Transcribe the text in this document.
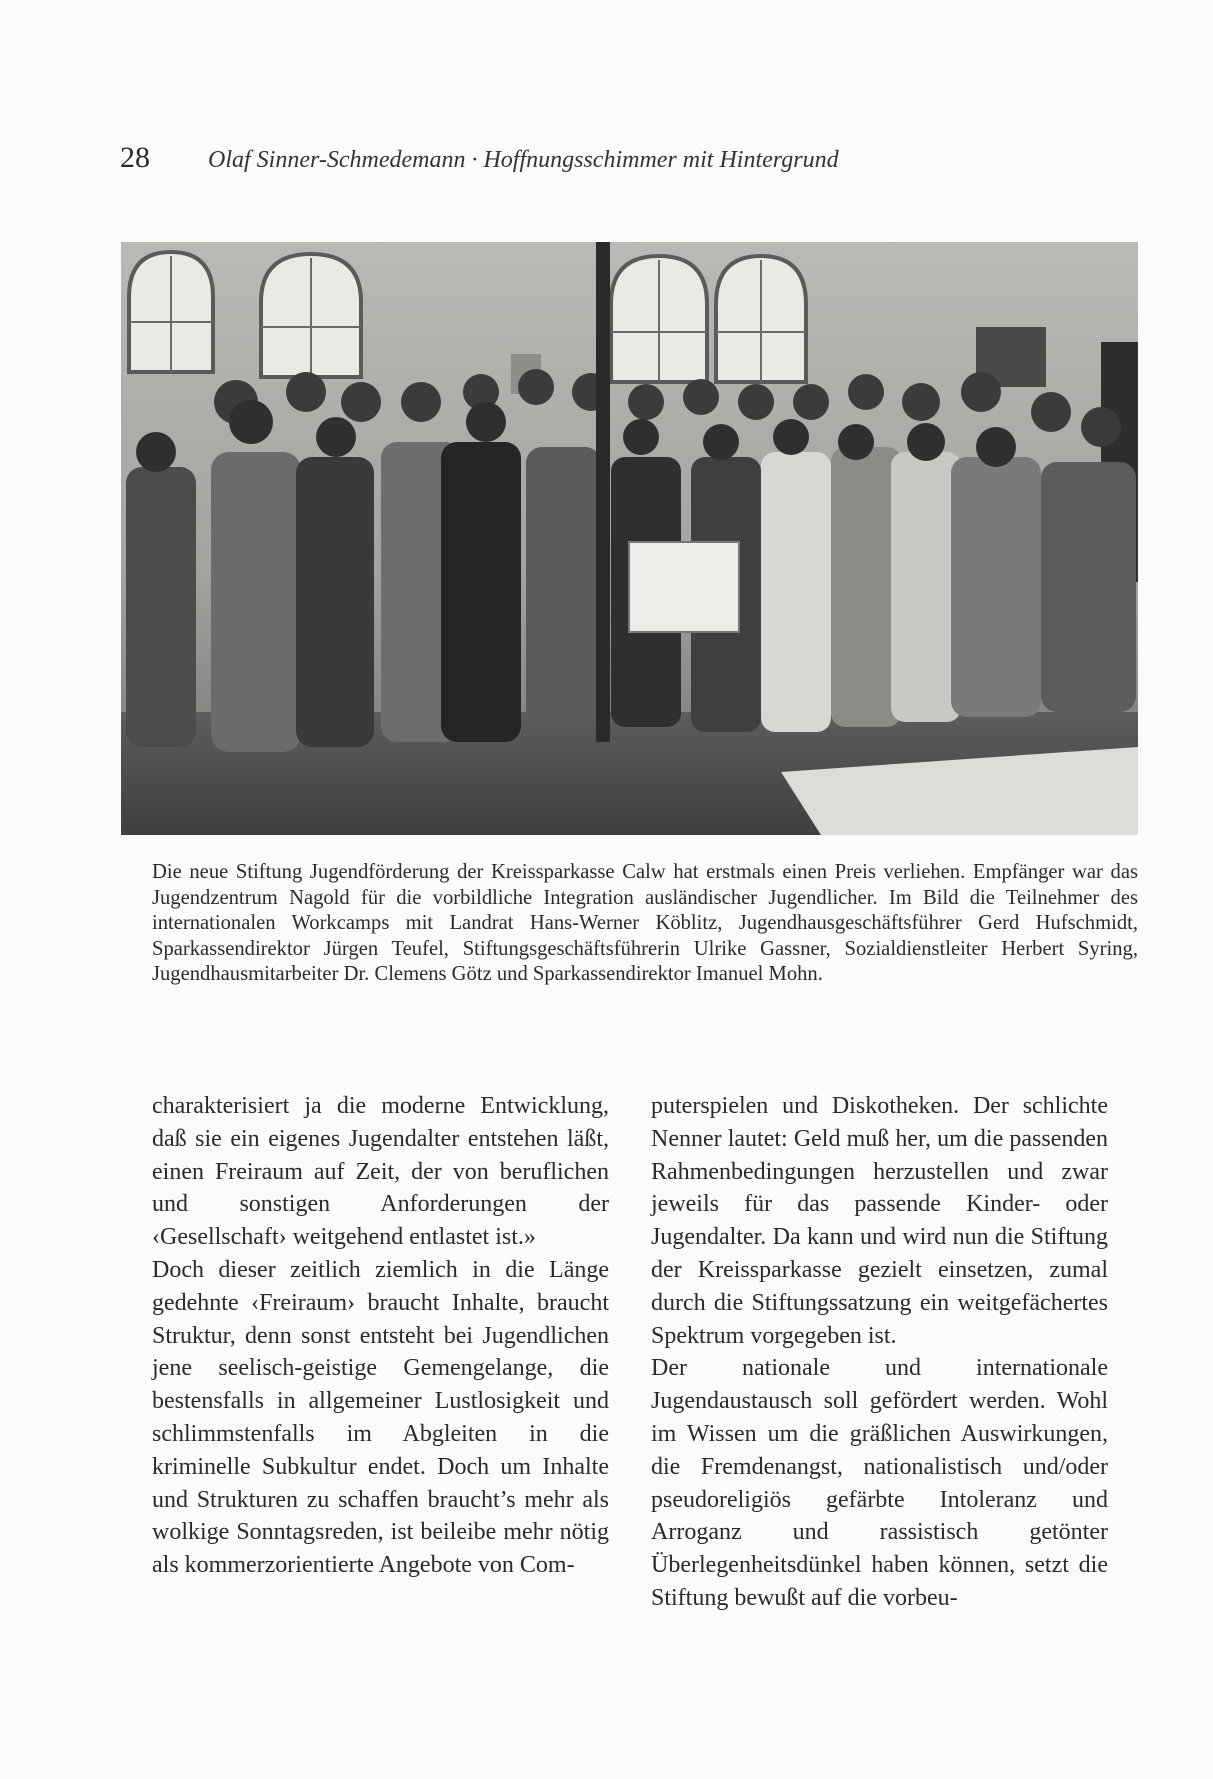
28 Olaf Sinner-Schmedemann · Hoffnungsschimmer mit Hintergrund

Die neue Stiftung Jugendförderung der Kreissparkasse Calw hat erstmals einen Preis verliehen. Empfänger war das Jugendzentrum Nagold für die vorbildliche Integration ausländischer Jugendlicher. Im Bild die Teilnehmer des internationalen Workcamps mit Landrat Hans-Werner Köblitz, Jugendhausgeschäftsführer Gerd Hufschmidt, Sparkassendirektor Jürgen Teufel, Stiftungsgeschäftsführerin Ulrike Gassner, Sozialdienstleiter Herbert Syring, Jugendhausmitarbeiter Dr. Clemens Götz und Sparkassendirektor Imanuel Mohn.

charakterisiert ja die moderne Entwicklung, daß sie ein eigenes Jugendalter entstehen läßt, einen Freiraum auf Zeit, der von beruflichen und sonstigen Anforderungen der ‹Gesellschaft› weitgehend entlastet ist.»

Doch dieser zeitlich ziemlich in die Länge gedehnte ‹Freiraum› braucht Inhalte, braucht Struktur, denn sonst entsteht bei Jugendlichen jene seelisch-geistige Gemengelange, die bestensfalls in allgemeiner Lustlosigkeit und schlimmstenfalls im Abgleiten in die kriminelle Subkultur endet. Doch um Inhalte und Strukturen zu schaffen braucht’s mehr als wolkige Sonntagsreden, ist beileibe mehr nötig als kommerzorientierte Angebote von Com-

puterspielen und Diskotheken. Der schlichte Nenner lautet: Geld muß her, um die passenden Rahmenbedingungen herzustellen und zwar jeweils für das passende Kinder- oder Jugendalter. Da kann und wird nun die Stiftung der Kreissparkasse gezielt einsetzen, zumal durch die Stiftungssatzung ein weitgefächertes Spektrum vorgegeben ist.

Der nationale und internationale Jugendaustausch soll gefördert werden. Wohl im Wissen um die gräßlichen Auswirkungen, die Fremdenangst, nationalistisch und/oder pseudoreligiös gefärbte Intoleranz und Arroganz und rassistisch getönter Überlegenheitsdünkel haben können, setzt die Stiftung bewußt auf die vorbeu-
